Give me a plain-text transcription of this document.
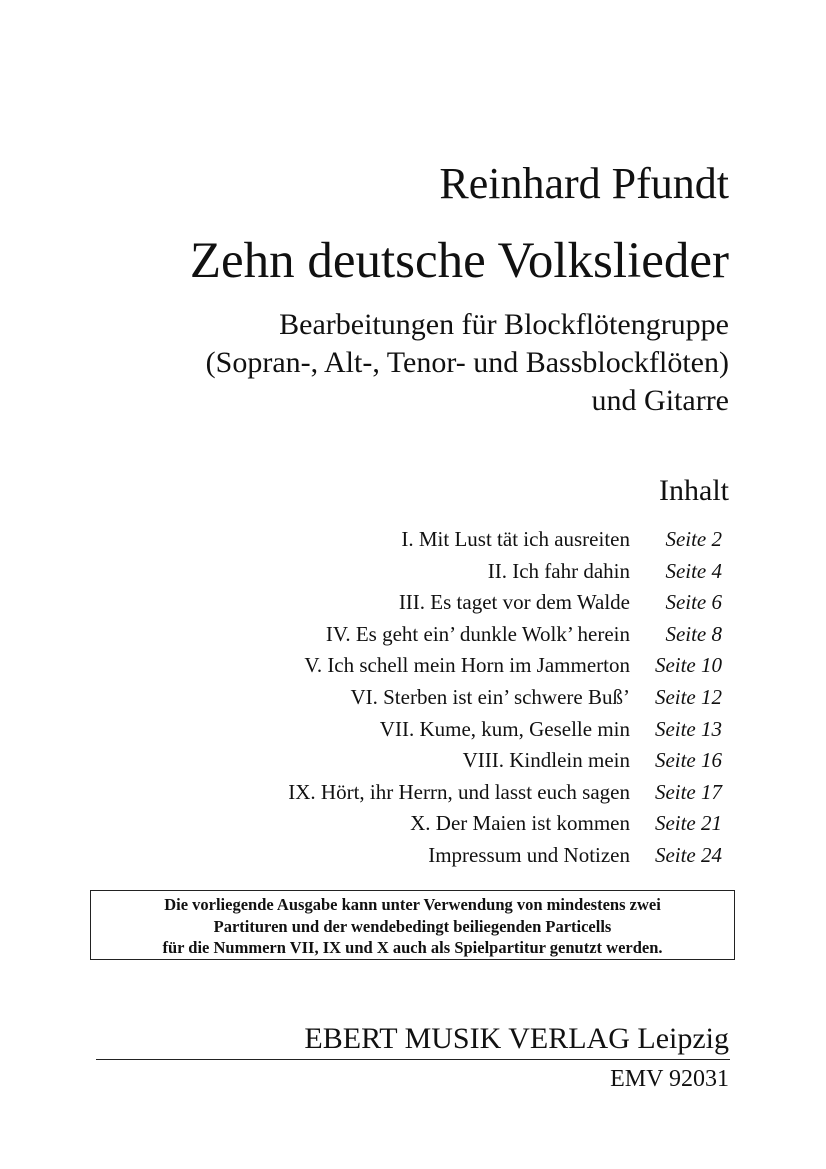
Reinhard Pfundt
Zehn deutsche Volkslieder
Bearbeitungen für Blockflötengruppe
(Sopran-, Alt-, Tenor- und Bassblockflöten)
und Gitarre
Inhalt
I. Mit Lust tät ich ausreiten	Seite 2
II. Ich fahr dahin	Seite 4
III. Es taget vor dem Walde	Seite 6
IV. Es geht ein’ dunkle Wolk’ herein	Seite 8
V. Ich schell mein Horn im Jammerton	Seite 10
VI. Sterben ist ein’ schwere Buß’	Seite 12
VII. Kume, kum, Geselle min	Seite 13
VIII. Kindlein mein	Seite 16
IX. Hört, ihr Herrn, und lasst euch sagen	Seite 17
X. Der Maien ist kommen	Seite 21
Impressum und Notizen	Seite 24
Die vorliegende Ausgabe kann unter Verwendung von mindestens zwei
Partituren und der wendebedingt beiliegenden Particells
für die Nummern VII, IX und X auch als Spielpartitur genutzt werden.
EBERT MUSIK VERLAG Leipzig
EMV 92031
